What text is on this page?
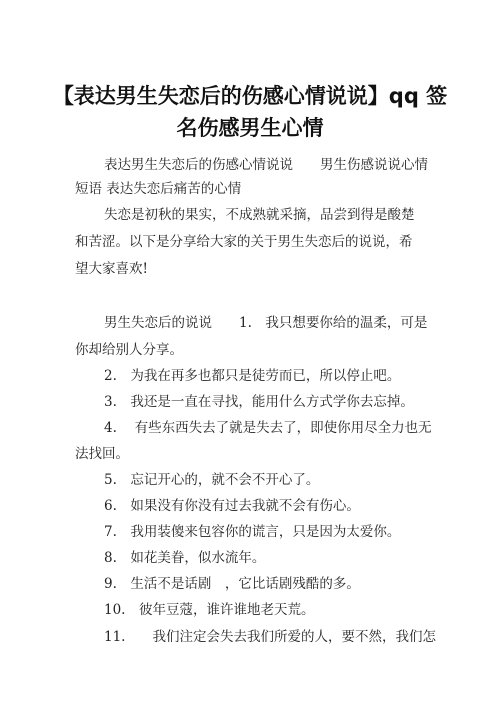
【表达男生失恋后的伤感心情说说】qq 签
名伤感男生心情
表达男生失恋后的伤感心情说说　　男生伤感说说心情
短语 表达失恋后痛苦的心情
失恋是初秋的果实，不成熟就采摘，品尝到得是酸楚
和苦涩。以下是分享给大家的关于男生失恋后的说说，希
望大家喜欢!
男生失恋后的说说　　1.　我只想要你给的温柔，可是
你却给别人分享。
2.　为我在再多也都只是徒劳而已，所以停止吧。
3.　我还是一直在寻找，能用什么方式学你去忘掉。
4.　 有些东西失去了就是失去了，即使你用尽全力也无
法找回。
5.　忘记开心的，就不会不开心了。
6.　如果没有你没有过去我就不会有伤心。
7.　我用装傻来包容你的谎言，只是因为太爱你。
8.　如花美眷，似水流年。
9.　生活不是话剧　，它比话剧残酷的多。
10.　彼年豆蔻，谁许谁地老天荒。
11.　　我们注定会失去我们所爱的人，要不然，我们怎
